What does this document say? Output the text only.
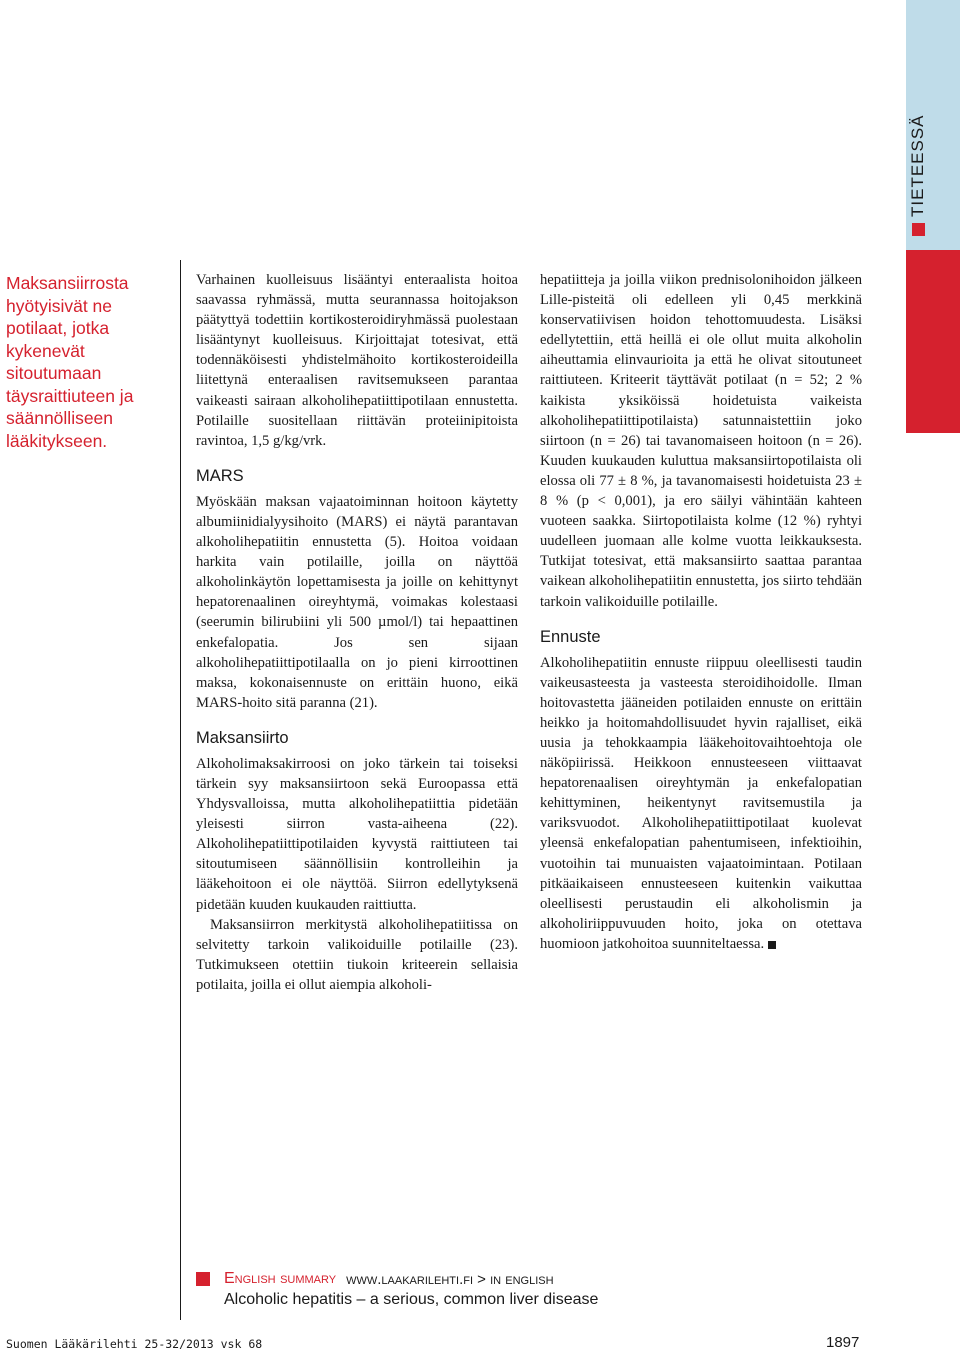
TIETEESSÄ
Maksansiirrosta hyötyisivät ne potilaat, jotka kykenevät sitoutumaan täysraittiuteen ja säännölliseen lääkitykseen.

Varhainen kuolleisuus lisääntyi enteraalista hoitoa saavassa ryhmässä, mutta seurannassa hoitojakson päätyttyä todettiin kortikosteroidiryhmässä puolestaan lisääntynyt kuolleisuus. Kirjoittajat totesivat, että todennäköisesti yhdistelmähoito kortikosteroideilla liitettynä enteraalisen ravitsemukseen parantaa vaikeasti sairaan alkoholihepatiittipotilaan ennustetta. Potilaille suositellaan riittävän proteiinipitoista ravintoa, 1,5 g/kg/vrk.

MARS

Myöskään maksan vajaatoiminnan hoitoon käytetty albumiinidialyysihoito (MARS) ei näytä parantavan alkoholihepatiitin ennustetta (5). Hoitoa voidaan harkita vain potilaille, joilla on näyttöä alkoholinkäytön lopettamisesta ja joille on kehittynyt hepatorenaalinen oireyhtymä, voimakas kolestaasi (seerumin bilirubiini yli 500 µmol/l) tai hepaattinen enkefalopatia. Jos sen sijaan alkoholihepatiittipotilaalla on jo pieni kirroottinen maksa, kokonaisennuste on erittäin huono, eikä MARS-hoito sitä paranna (21).

Maksansiirto

Alkoholimaksakirroosi on joko tärkein tai toiseksi tärkein syy maksansiirtoon sekä Euroopassa että Yhdysvalloissa, mutta alkoholihepatiittia pidetään yleisesti siirron vasta-aiheena (22). Alkoholihepatiittipotilaiden kyvystä raittiuteen tai sitoutumiseen säännöllisiin kontrolleihin ja lääkehoitoon ei ole näyttöä. Siirron edellytyksenä pidetään kuuden kuukauden raittiutta.

Maksansiirron merkitystä alkoholihepatiitissa on selvitetty tarkoin valikoiduille potilaille (23). Tutkimukseen otettiin tiukoin kriteerein sellaisia potilaita, joilla ei ollut aiempia alkoholi-

hepatiitteja ja joilla viikon prednisolonihoidon jälkeen Lille-pisteitä oli edelleen yli 0,45 merkkinä konservatiivisen hoidon tehottomuudesta. Lisäksi edellytettiin, että heillä ei ole ollut muita alkoholin aiheuttamia elinvaurioita ja että he olivat sitoutuneet raittiuteen. Kriteerit täyttävät potilaat (n = 52; 2 % kaikista yksiköissä hoidetuista vaikeista alkoholihepatiittipotilaista) satunnaistettiin joko siirtoon (n = 26) tai tavanomaiseen hoitoon (n = 26). Kuuden kuukauden kuluttua maksansiirtopotilaista oli elossa oli 77 ± 8 %, ja tavanomaisesti hoidetuista 23 ± 8 % (p < 0,001), ja ero säilyi vähintään kahteen vuoteen saakka. Siirtopotilaista kolme (12 %) ryhtyi uudelleen juomaan alle kolme vuotta leikkauksesta. Tutkijat totesivat, että maksansiirto saattaa parantaa vaikean alkoholihepatiitin ennustetta, jos siirto tehdään tarkoin valikoiduille potilaille.

Ennuste

Alkoholihepatiitin ennuste riippuu oleellisesti taudin vaikeusasteesta ja vasteesta steroidihoidolle. Ilman hoitovastetta jääneiden potilaiden ennuste on erittäin heikko ja hoitomahdollisuudet hyvin rajalliset, eikä uusia ja tehokkaampia lääkehoitovaihtoehtoja ole näköpiirissä. Heikkoon ennusteeseen viittaavat hepatorenaalisen oireyhtymän ja enkefalopatian kehittyminen, heikentynyt ravitsemustila ja variksvuodot. Alkoholihepatiittipotilaat kuolevat yleensä enkefalopatian pahentumiseen, infektioihin, vuotoihin tai munuaisten vajaatoimintaan. Potilaan pitkäaikaiseen ennusteeseen kuitenkin vaikuttaa oleellisesti perustaudin eli alkoholismin ja alkoholiriippuvuuden hoito, joka on otettava huomioon jatkohoitoa suunniteltaessa.

English summary www.laakarilehti.fi > in english
Alcoholic hepatitis – a serious, common liver disease
Suomen Lääkärilehti 25-32/2013 vsk 68	1897
